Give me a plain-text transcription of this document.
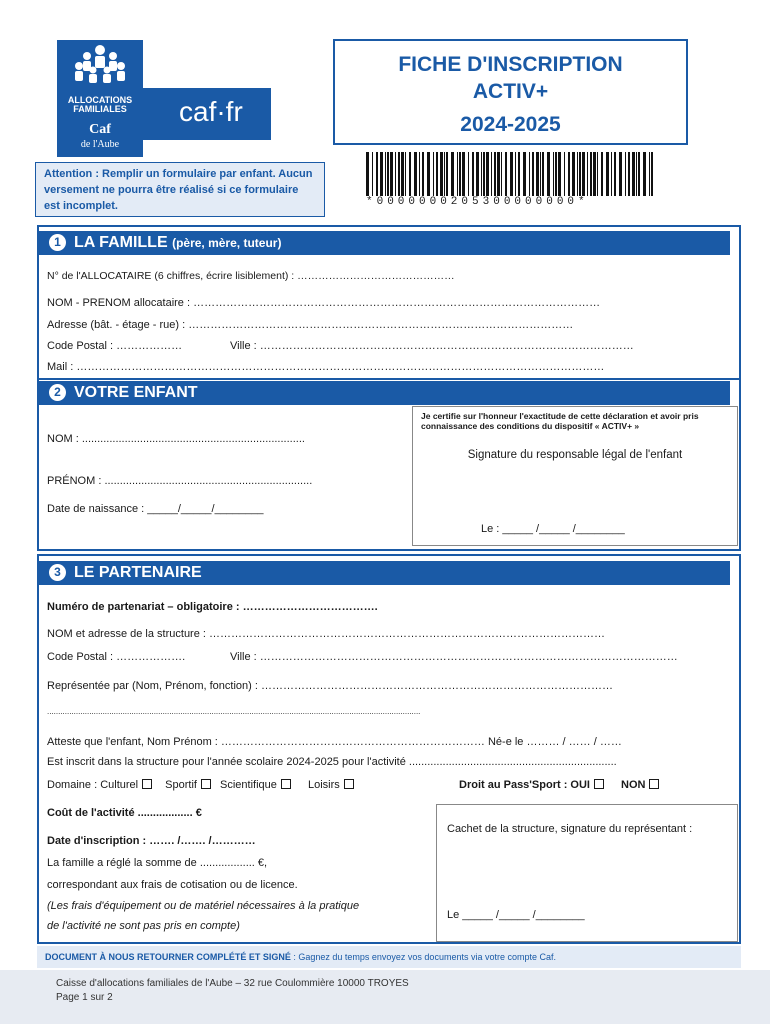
ALLOCATIONS
FAMILIALES
Caf
de l'Aube
caf·fr
FICHE D'INSCRIPTION
ACTIV+
2024-2025
Attention : Remplir un formulaire par enfant. Aucun versement ne pourra être réalisé si ce formulaire est incomplet.	*0000000205300000000*
1 LA FAMILLE (père, mère, tuteur)
N° de l'ALLOCATAIRE (6 chiffres, écrire lisiblement) : ………………………………………
NOM - PRENOM allocataire : …………………………………………………………………………………………………
Adresse (bât. - étage - rue) : ……………………………………………………………………………………………
Code Postal : ………………	Ville : …………………………………………………………………………………………
Mail : ………………………………………………………………………………………………………………………………
2 VOTRE ENFANT
NOM : .........................................................................
PRÉNOM : ....................................................................
Date de naissance : _____/_____/________
Je certifie sur l'honneur l'exactitude de cette déclaration et avoir pris connaissance des conditions du dispositif « ACTIV+ »
Signature du responsable légal de l'enfant
Le : _____ /_____ /________
3 LE PARTENAIRE
Numéro de partenariat – obligatoire : ……………………………….
NOM et adresse de la structure : ………………………………………………………………………………………………
Code Postal : ……………….	Ville : ……………………………………………………………………………………………………
Représentée par (Nom, Prénom, fonction) : ……………………………………………………………………………………
........................................................................................................................................................................
Atteste que l'enfant, Nom Prénom : ……………………………………………………………… Né-e le ……… / …… / ……
Est inscrit dans la structure pour l'année scolaire 2024-2025 pour l'activité ....................................................................
Domaine : Culturel Sportif Scientifique	Loisirs	Droit au Pass'Sport : OUI	NON
Coût de l'activité .................. €
Date d'inscription : ……. /……. /…………
La famille a réglé la somme de .................. €,
correspondant aux frais de cotisation ou de licence.
(Les frais d'équipement ou de matériel nécessaires à la pratique
de l'activité ne sont pas pris en compte)
Cachet de la structure, signature du représentant :
Le _____ /_____ /________
DOCUMENT À NOUS RETOURNER COMPLÉTÉ ET SIGNÉ : Gagnez du temps envoyez vos documents via votre compte Caf.
Caisse d'allocations familiales de l'Aube – 32 rue Coulommière 10000 TROYES
Page 1 sur 2
